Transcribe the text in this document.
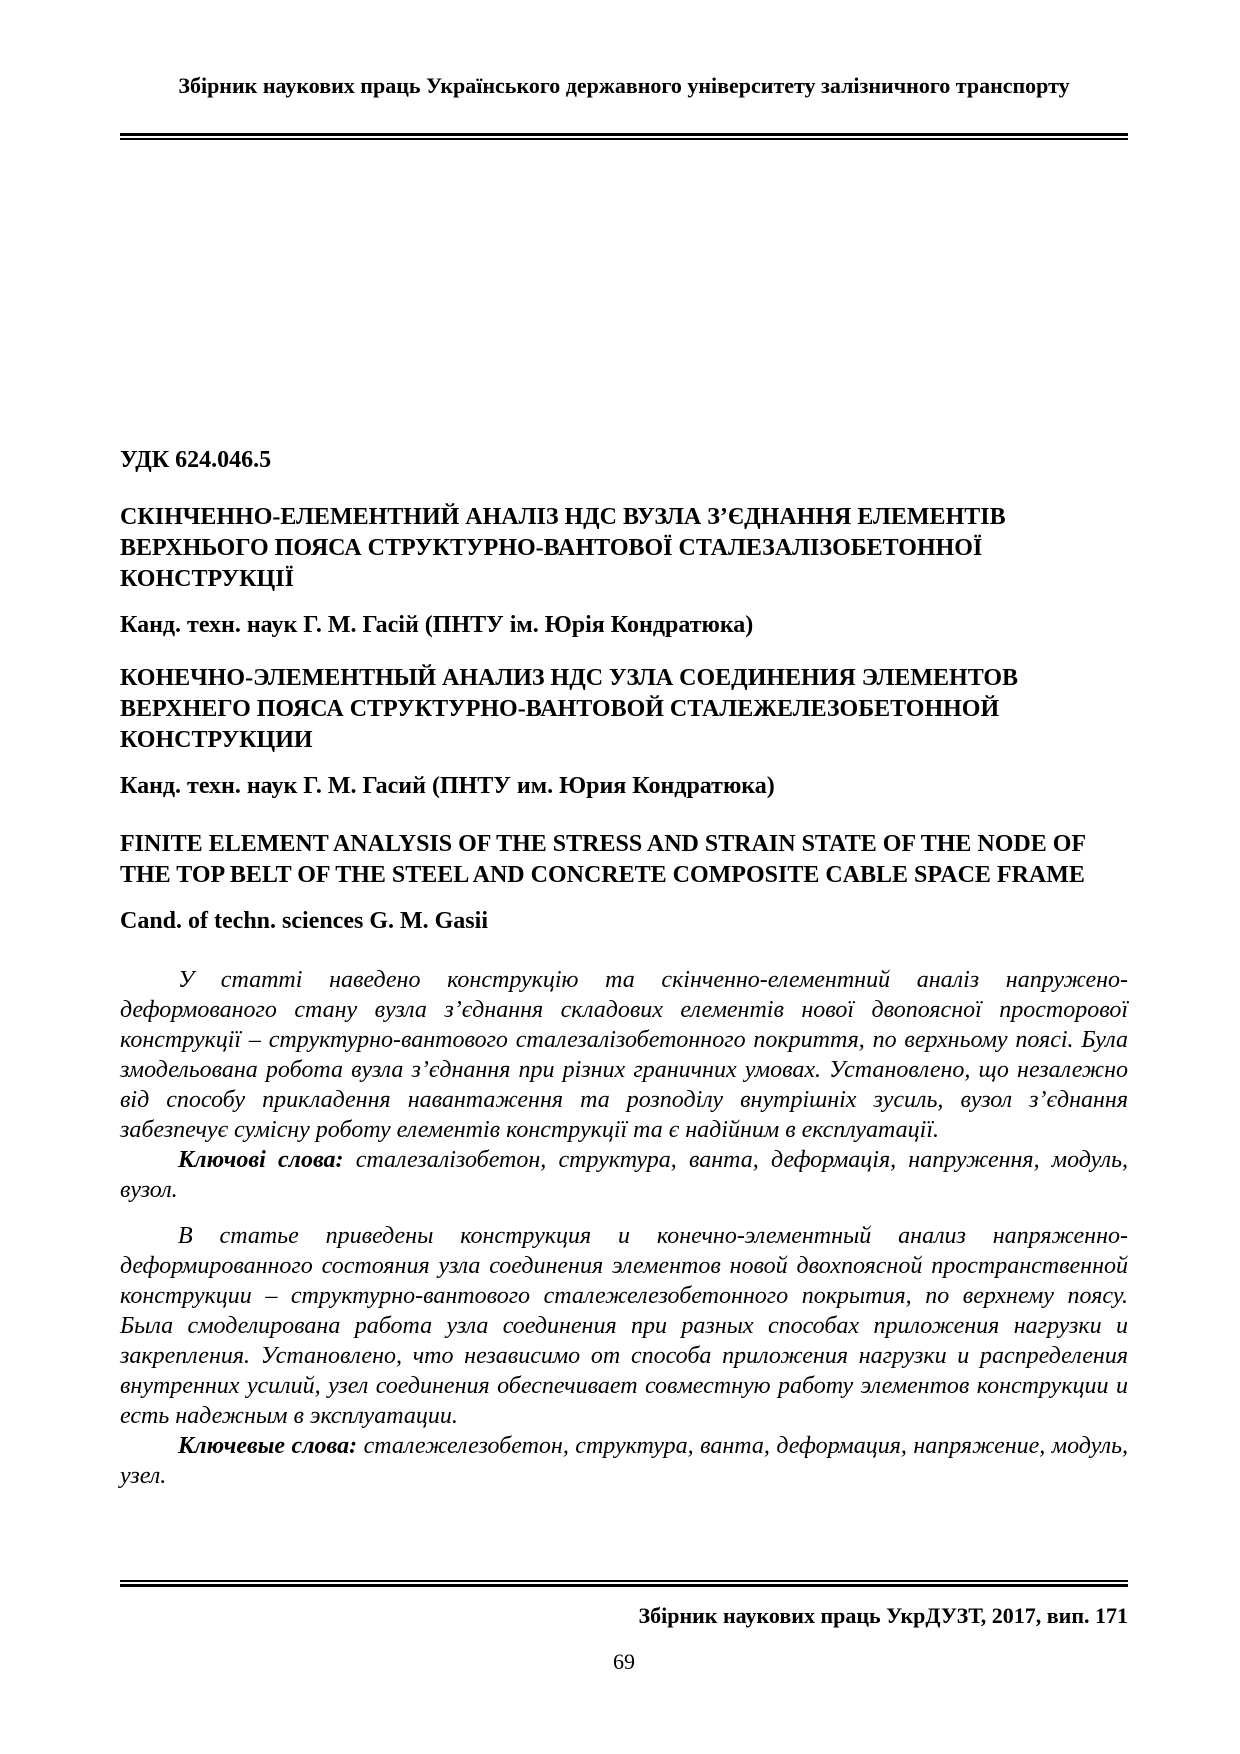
Збірник наукових праць Українського державного університету залізничного транспорту

УДК 624.046.5

СКІНЧЕННО-ЕЛЕМЕНТНИЙ АНАЛІЗ НДС ВУЗЛА З’ЄДНАННЯ ЕЛЕМЕНТІВ ВЕРХНЬОГО ПОЯСА СТРУКТУРНО-ВАНТОВОЇ СТАЛЕЗАЛІЗОБЕТОННОЇ КОНСТРУКЦІЇ

Канд. техн. наук Г. М. Гасій (ПНТУ ім. Юрія Кондратюка)

КОНЕЧНО-ЭЛЕМЕНТНЫЙ АНАЛИЗ НДС УЗЛА СОЕДИНЕНИЯ ЭЛЕМЕНТОВ ВЕРХНЕГО ПОЯСА СТРУКТУРНО-ВАНТОВОЙ СТАЛЕЖЕЛЕЗОБЕТОННОЙ КОНСТРУКЦИИ

Канд. техн. наук Г. М. Гасий (ПНТУ им. Юрия Кондратюка)

FINITE ELEMENT ANALYSIS OF THE STRESS AND STRAIN STATE OF THE NODE OF THE TOP BELT OF THE STEEL AND CONCRETE COMPOSITE CABLE SPACE FRAME

Cand. of techn. sciences G. M. Gasii

У статті наведено конструкцію та скінченно-елементний аналіз напружено-деформованого стану вузла з’єднання складових елементів нової двопоясної просторової конструкції – структурно-вантового сталезалізобетонного покриття, по верхньому поясі. Була змодельована робота вузла з’єднання при різних граничних умовах. Установлено, що незалежно від способу прикладення навантаження та розподілу внутрішніх зусиль, вузол з’єднання забезпечує сумісну роботу елементів конструкції та є надійним в експлуатації.

Ключові слова: сталезалізобетон, структура, ванта, деформація, напруження, модуль, вузол.

В статье приведены конструкция и конечно-элементный анализ напряженно-деформированного состояния узла соединения элементов новой двохпоясной пространственной конструкции – структурно-вантового сталежелезобетонного покрытия, по верхнему поясу. Была смоделирована работа узла соединения при разных способах приложения нагрузки и закрепления. Установлено, что независимо от способа приложения нагрузки и распределения внутренних усилий, узел соединения обеспечивает совместную работу элементов конструкции и есть надежным в эксплуатации.

Ключевые слова: сталежелезобетон, структура, ванта, деформация, напряжение, модуль, узел.

Збірник наукових праць УкрДУЗТ, 2017, вип. 171
69
